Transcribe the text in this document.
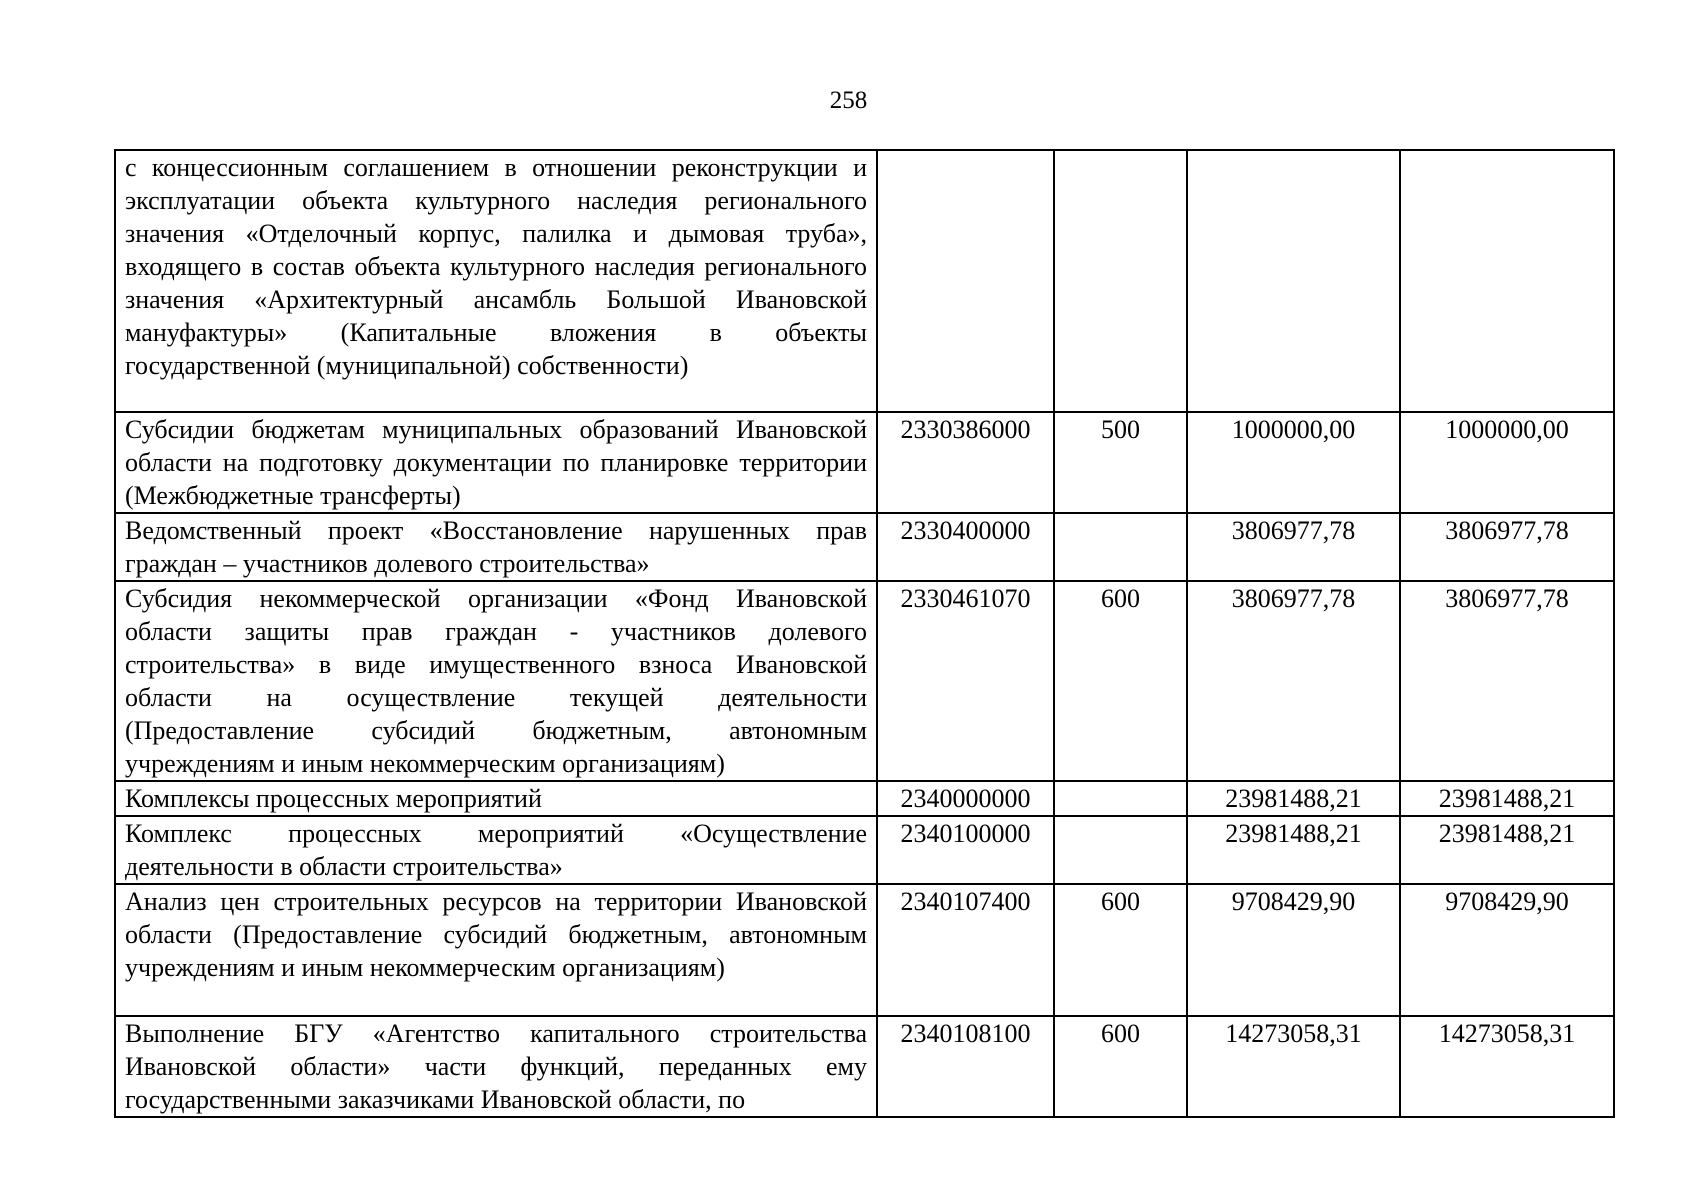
258
с концессионным соглашением в отношении реконструкции и эксплуатации объекта культурного наследия регионального значения «Отделочный корпус, палилка и дымовая труба», входящего в состав объекта культурного наследия регионального значения «Архитектурный ансамбль Большой Ивановской мануфактуры» (Капитальные вложения в объекты государственной (муниципальной) собственности)				
Субсидии бюджетам муниципальных образований Ивановской области на подготовку документации по планировке территории (Межбюджетные трансферты)	2330386000	500	1000000,00	1000000,00
Ведомственный проект «Восстановление нарушенных прав граждан – участников долевого строительства»	2330400000		3806977,78	3806977,78
Субсидия некоммерческой организации «Фонд Ивановской области защиты прав граждан - участников долевого строительства» в виде имущественного взноса Ивановской области на осуществление текущей деятельности (Предоставление субсидий бюджетным, автономным учреждениям и иным некоммерческим организациям)	2330461070	600	3806977,78	3806977,78
Комплексы процессных мероприятий	2340000000		23981488,21	23981488,21
Комплекс процессных мероприятий «Осуществление деятельности в области строительства»	2340100000		23981488,21	23981488,21
Анализ цен строительных ресурсов на территории Ивановской области (Предоставление субсидий бюджетным, автономным учреждениям и иным некоммерческим организациям)	2340107400	600	9708429,90	9708429,90
Выполнение БГУ «Агентство капитального строительства Ивановской области» части функций, переданных ему государственными заказчиками Ивановской области, по	2340108100	600	14273058,31	14273058,31
